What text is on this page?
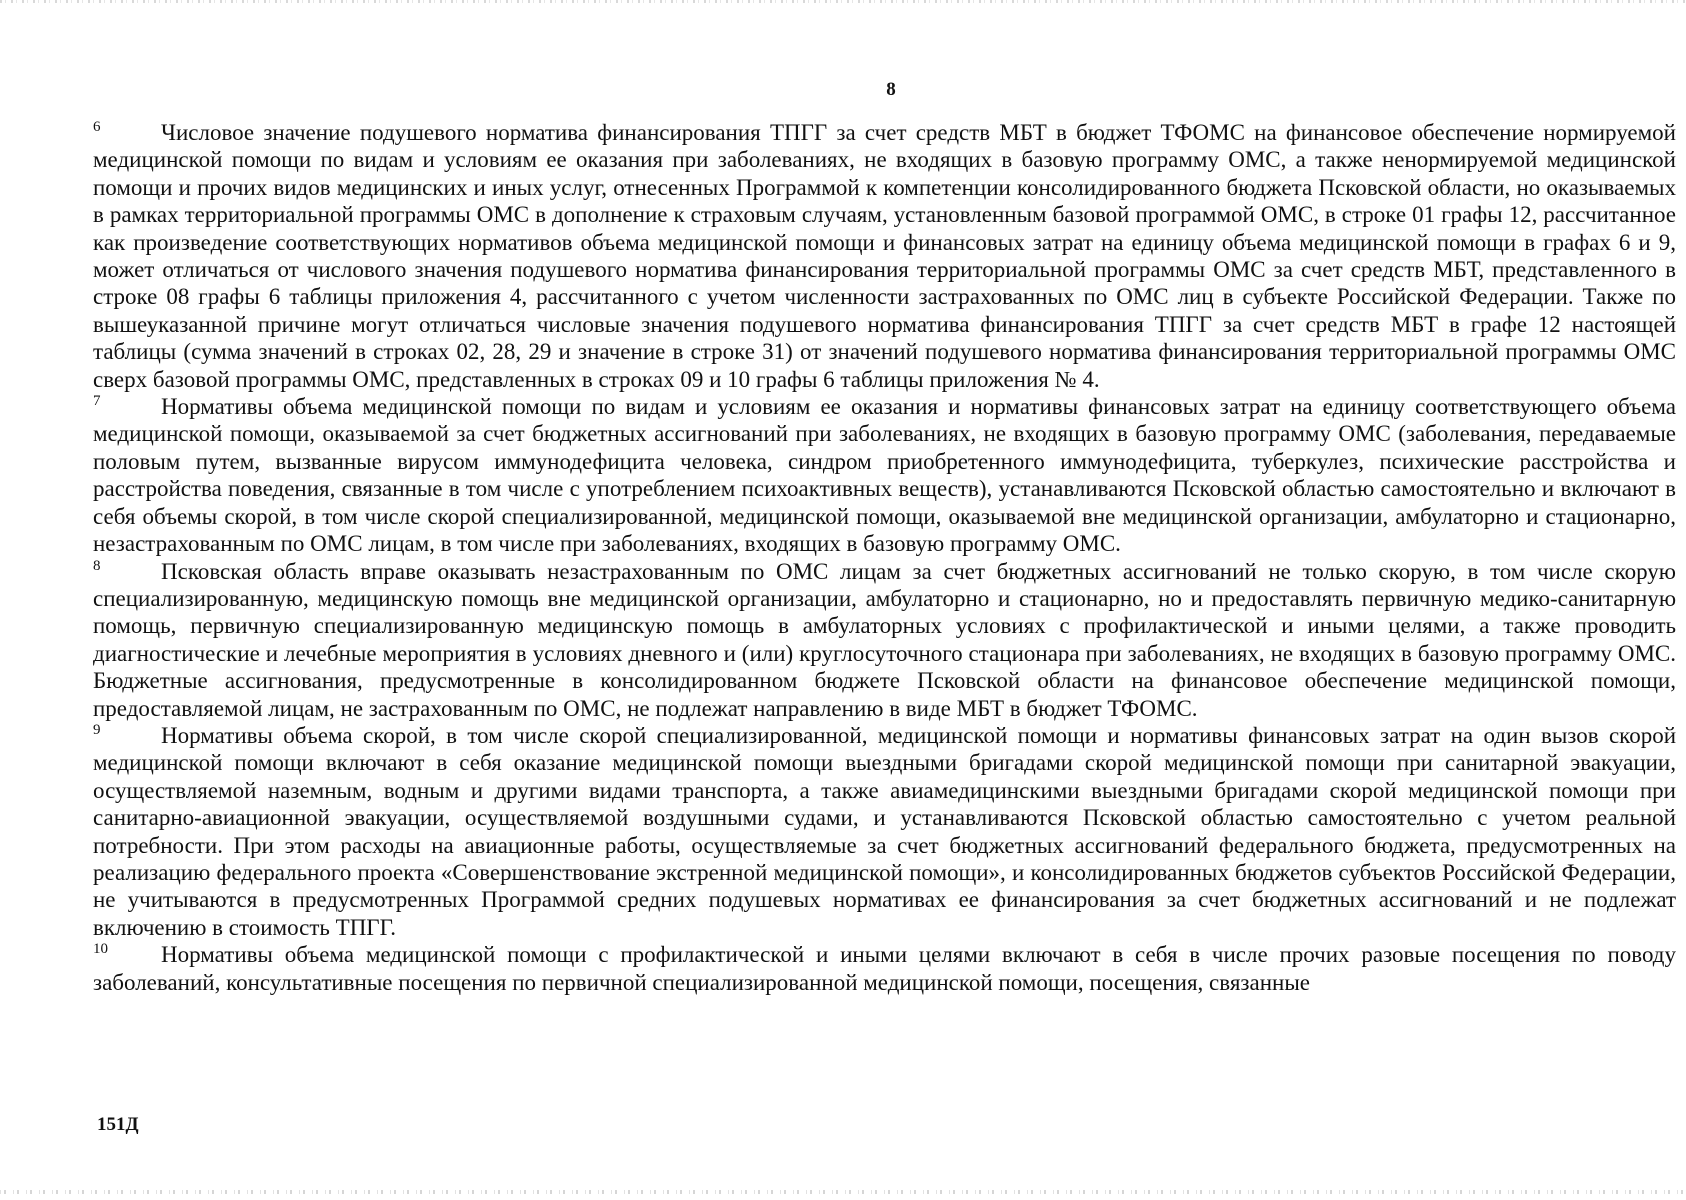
8

6	Числовое значение подушевого норматива финансирования ТПГГ за счет средств МБТ в бюджет ТФОМС на финансовое обеспечение нормируемой медицинской помощи по видам и условиям ее оказания при заболеваниях, не входящих в базовую программу ОМС, а также ненормируемой медицинской помощи и прочих видов медицинских и иных услуг, отнесенных Программой к компетенции консолидированного бюджета Псковской области, но оказываемых в рамках территориальной программы ОМС в дополнение к страховым случаям, установленным базовой программой ОМС, в строке 01 графы 12, рассчитанное как произведение соответствующих нормативов объема медицинской помощи и финансовых затрат на единицу объема медицинской помощи в графах 6 и 9, может отличаться от числового значения подушевого норматива финансирования территориальной программы ОМС за счет средств МБТ, представленного в строке 08 графы 6 таблицы приложения 4, рассчитанного с учетом численности застрахованных по ОМС лиц в субъекте Российской Федерации. Также по вышеуказанной причине могут отличаться числовые значения подушевого норматива финансирования ТПГГ за счет средств МБТ в графе 12 настоящей таблицы (сумма значений в строках 02, 28, 29 и значение в строке 31) от значений подушевого норматива финансирования территориальной программы ОМС сверх базовой программы ОМС, представленных в строках 09 и 10 графы 6 таблицы приложения № 4.

7	Нормативы объема медицинской помощи по видам и условиям ее оказания и нормативы финансовых затрат на единицу соответствующего объема медицинской помощи, оказываемой за счет бюджетных ассигнований при заболеваниях, не входящих в базовую программу ОМС (заболевания, передаваемые половым путем, вызванные вирусом иммунодефицита человека, синдром приобретенного иммунодефицита, туберкулез, психические расстройства и расстройства поведения, связанные в том числе с употреблением психоактивных веществ), устанавливаются Псковской областью самостоятельно и включают в себя объемы скорой, в том числе скорой специализированной, медицинской помощи, оказываемой вне медицинской организации, амбулаторно и стационарно, незастрахованным по ОМС лицам, в том числе при заболеваниях, входящих в базовую программу ОМС.

8	Псковская область вправе оказывать незастрахованным по ОМС лицам за счет бюджетных ассигнований не только скорую, в том числе скорую специализированную, медицинскую помощь вне медицинской организации, амбулаторно и стационарно, но и предоставлять первичную медико-санитарную помощь, первичную специализированную медицинскую помощь в амбулаторных условиях с профилактической и иными целями, а также проводить диагностические и лечебные мероприятия в условиях дневного и (или) круглосуточного стационара при заболеваниях, не входящих в базовую программу ОМС. Бюджетные ассигнования, предусмотренные в консолидированном бюджете Псковской области на финансовое обеспечение медицинской помощи, предоставляемой лицам, не застрахованным по ОМС, не подлежат направлению в виде МБТ в бюджет ТФОМС.

9	Нормативы объема скорой, в том числе скорой специализированной, медицинской помощи и нормативы финансовых затрат на один вызов скорой медицинской помощи включают в себя оказание медицинской помощи выездными бригадами скорой медицинской помощи при санитарной эвакуации, осуществляемой наземным, водным и другими видами транспорта, а также авиамедицинскими выездными бригадами скорой медицинской помощи при санитарно-авиационной эвакуации, осуществляемой воздушными судами, и устанавливаются Псковской областью самостоятельно с учетом реальной потребности. При этом расходы на авиационные работы, осуществляемые за счет бюджетных ассигнований федерального бюджета, предусмотренных на реализацию федерального проекта «Совершенствование экстренной медицинской помощи», и консолидированных бюджетов субъектов Российской Федерации, не учитываются в предусмотренных Программой средних подушевых нормативах ее финансирования за счет бюджетных ассигнований и не подлежат включению в стоимость ТПГГ.

10 Нормативы объема медицинской помощи с профилактической и иными целями включают в себя в числе прочих разовые посещения по поводу заболеваний, консультативные посещения по первичной специализированной медицинской помощи, посещения, связанные

151Д
